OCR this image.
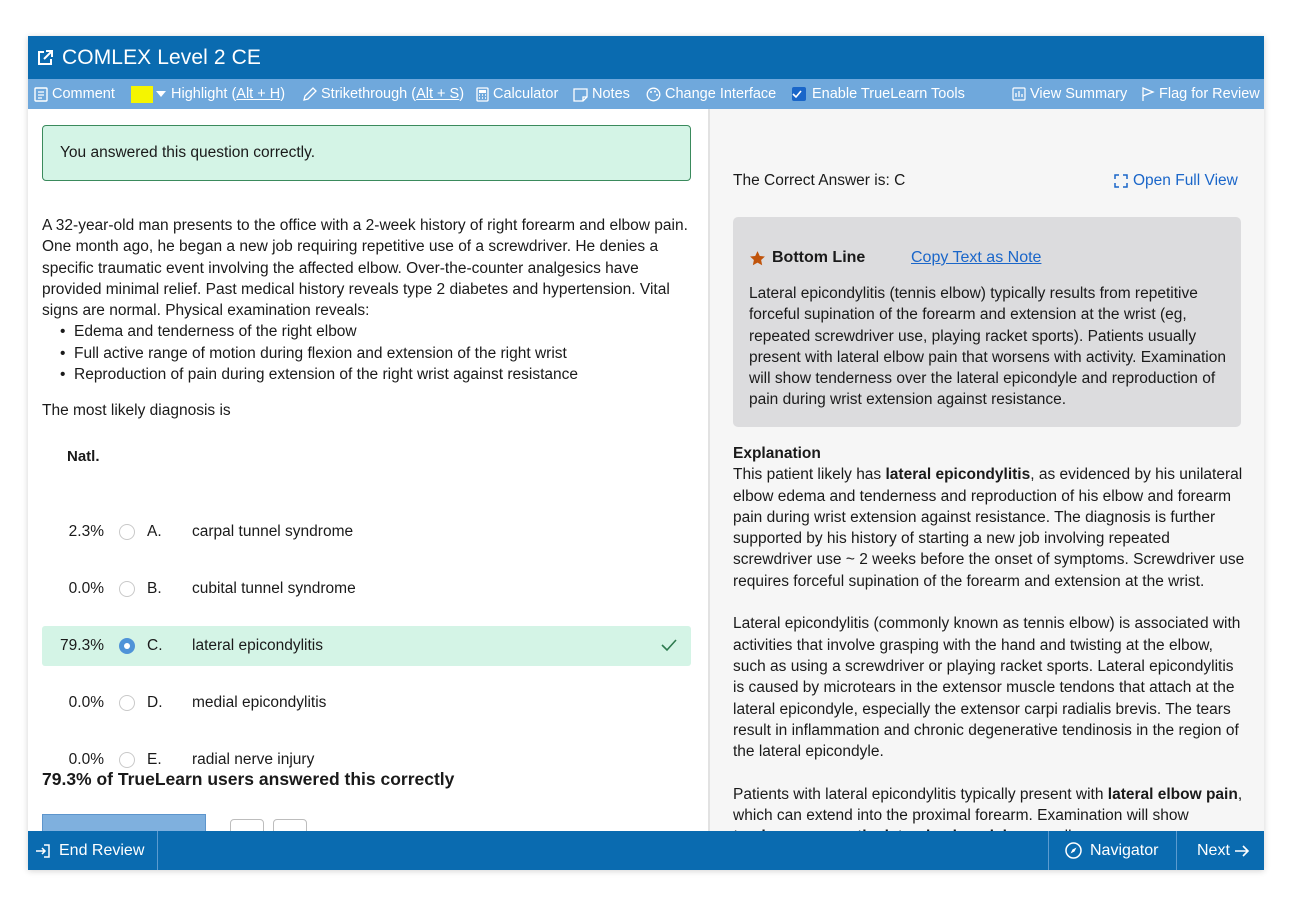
COMLEX Level 2 CE
Comment	Highlight ( Alt + H ) Strikethrough ( Alt + S ) Calculator Notes Change Interface Enable TrueLearn Tools	View Summary Flag for Review
You answered this question correctly.
A 32-year-old man presents to the office with a 2-week history of right forearm and elbow pain. One month ago, he began a new job requiring repetitive use of a screwdriver. He denies a specific traumatic event involving the affected elbow. Over-the-counter analgesics have provided minimal relief. Past medical history reveals type 2 diabetes and hypertension. Vital signs are normal. Physical examination reveals:
• Edema and tenderness of the right elbow
• Full active range of motion during flexion and extension of the right wrist
• Reproduction of pain during extension of the right wrist against resistance
The most likely diagnosis is
Natl.
2.3%	A. carpal tunnel syndrome
0.0%	B. cubital tunnel syndrome
79.3%	C. lateral epicondylitis
0.0%	D. medial epicondylitis
0.0%	E. radial nerve injury
79.3% of TrueLearn users answered this correctly
The Correct Answer is: C	Open Full View
Bottom Line	Copy Text as Note
Lateral epicondylitis (tennis elbow) typically results from repetitive forceful supination of the forearm and extension at the wrist (eg, repeated screwdriver use, playing racket sports). Patients usually present with lateral elbow pain that worsens with activity. Examination will show tenderness over the lateral epicondyle and reproduction of pain during wrist extension against resistance.
Explanation

This patient likely has lateral epicondylitis, as evidenced by his unilateral elbow edema and tenderness and reproduction of his elbow and forearm pain during wrist extension against resistance. The diagnosis is further supported by his history of starting a new job involving repeated screwdriver use ~ 2 weeks before the onset of symptoms. Screwdriver use requires forceful supination of the forearm and extension at the wrist.

Lateral epicondylitis (commonly known as tennis elbow) is associated with activities that involve grasping with the hand and twisting at the elbow, such as using a screwdriver or playing racket sports. Lateral epicondylitis is caused by microtears in the extensor muscle tendons that attach at the lateral epicondyle, especially the extensor carpi radialis brevis. The tears result in inflammation and chronic degenerative tendinosis in the region of the lateral epicondyle.

Patients with lateral epicondylitis typically present with lateral elbow pain, which can extend into the proximal forearm. Examination will show

End Review	Navigator Next
